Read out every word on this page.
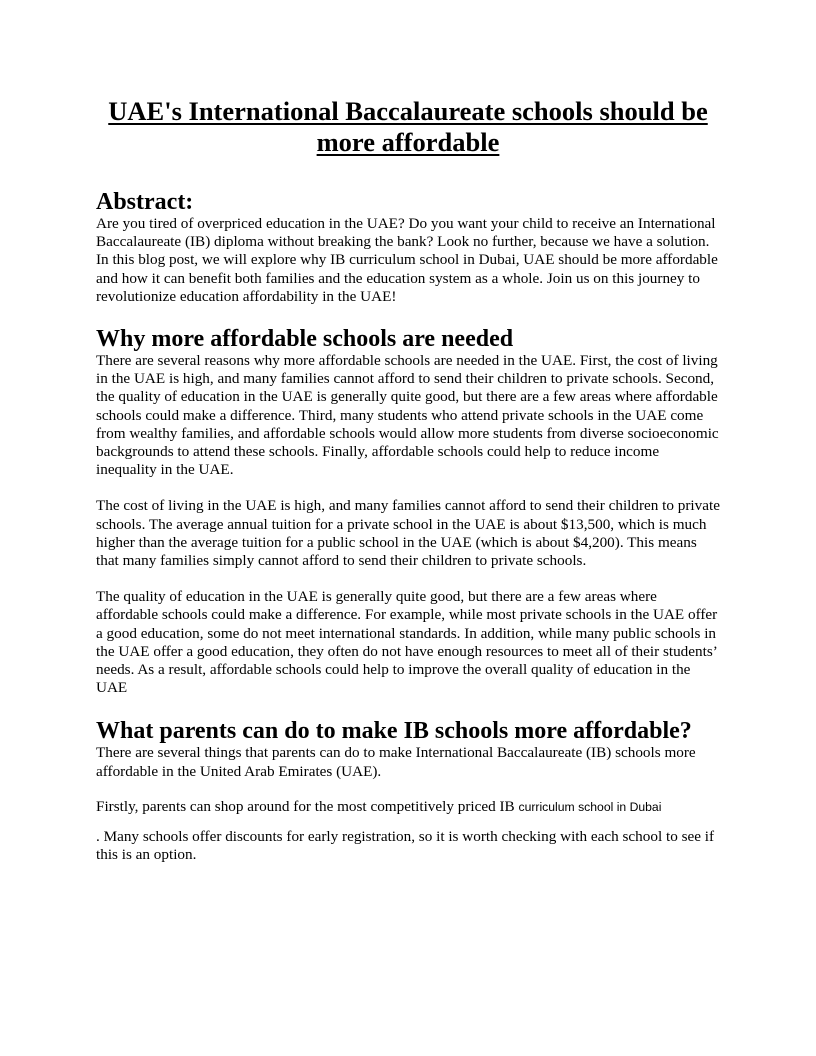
UAE's International Baccalaureate schools should be
more affordable
Abstract:

Are you tired of overpriced education in the UAE? Do you want your child to receive an International Baccalaureate (IB) diploma without breaking the bank? Look no further, because we have a solution. In this blog post, we will explore why IB curriculum school in Dubai, UAE should be more affordable and how it can benefit both families and the education system as a whole. Join us on this journey to revolutionize education affordability in the UAE!

Why more affordable schools are needed

There are several reasons why more affordable schools are needed in the UAE. First, the cost of living in the UAE is high, and many families cannot afford to send their children to private schools. Second, the quality of education in the UAE is generally quite good, but there are a few areas where affordable schools could make a difference. Third, many students who attend private schools in the UAE come from wealthy families, and affordable schools would allow more students from diverse socioeconomic backgrounds to attend these schools. Finally, affordable schools could help to reduce income inequality in the UAE.

The cost of living in the UAE is high, and many families cannot afford to send their children to private schools. The average annual tuition for a private school in the UAE is about $13,500, which is much higher than the average tuition for a public school in the UAE (which is about $4,200). This means that many families simply cannot afford to send their children to private schools.

The quality of education in the UAE is generally quite good, but there are a few areas where affordable schools could make a difference. For example, while most private schools in the UAE offer a good education, some do not meet international standards. In addition, while many public schools in the UAE offer a good education, they often do not have enough resources to meet all of their students’ needs. As a result, affordable schools could help to improve the overall quality of education in the UAE

What parents can do to make IB schools more affordable?

There are several things that parents can do to make International Baccalaureate (IB) schools more affordable in the United Arab Emirates (UAE).

Firstly, parents can shop around for the most competitively priced IB curriculum school in Dubai

. Many schools offer discounts for early registration, so it is worth checking with each school to see if this is an option.
